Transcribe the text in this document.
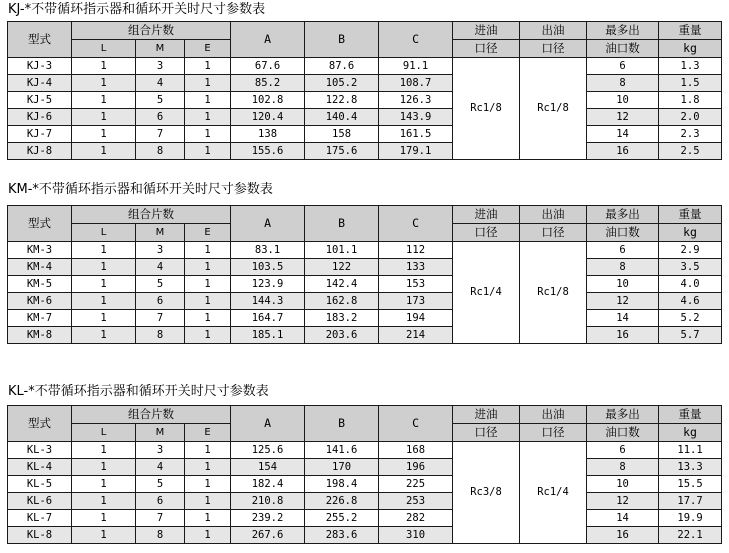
KJ-*不带循环指示器和循环开关时尺寸参数表
型式	组合片数			A	B	C	进油	出油	最多出	重量
	L	M	E				口径	口径	油口数	kg
KJ-3	1	3	1	67.6	87.6	91.1	Rc1/8	Rc1/8	6	1.3
KJ-4	1	4	1	85.2	105.2	108.7			8	1.5
KJ-5	1	5	1	102.8	122.8	126.3			10	1.8
KJ-6	1	6	1	120.4	140.4	143.9			12	2.0
KJ-7	1	7	1	138	158	161.5			14	2.3
KJ-8	1	8	1	155.6	175.6	179.1			16	2.5
KM-*不带循环指示器和循环开关时尺寸参数表
型式	组合片数			A	B	C	进油	出油	最多出	重量
	L	M	E				口径	口径	油口数	kg
KM-3	1	3	1	83.1	101.1	112	Rc1/4	Rc1/8	6	2.9
KM-4	1	4	1	103.5	122	133			8	3.5
KM-5	1	5	1	123.9	142.4	153			10	4.0
KM-6	1	6	1	144.3	162.8	173			12	4.6
KM-7	1	7	1	164.7	183.2	194			14	5.2
KM-8	1	8	1	185.1	203.6	214			16	5.7
KL-*不带循环指示器和循环开关时尺寸参数表
型式	组合片数			A	B	C	进油	出油	最多出	重量
	L	M	E				口径	口径	油口数	kg
KL-3	1	3	1	125.6	141.6	168	Rc3/8	Rc1/4	6	11.1
KL-4	1	4	1	154	170	196			8	13.3
KL-5	1	5	1	182.4	198.4	225			10	15.5
KL-6	1	6	1	210.8	226.8	253			12	17.7
KL-7	1	7	1	239.2	255.2	282			14	19.9
KL-8	1	8	1	267.6	283.6	310			16	22.1
